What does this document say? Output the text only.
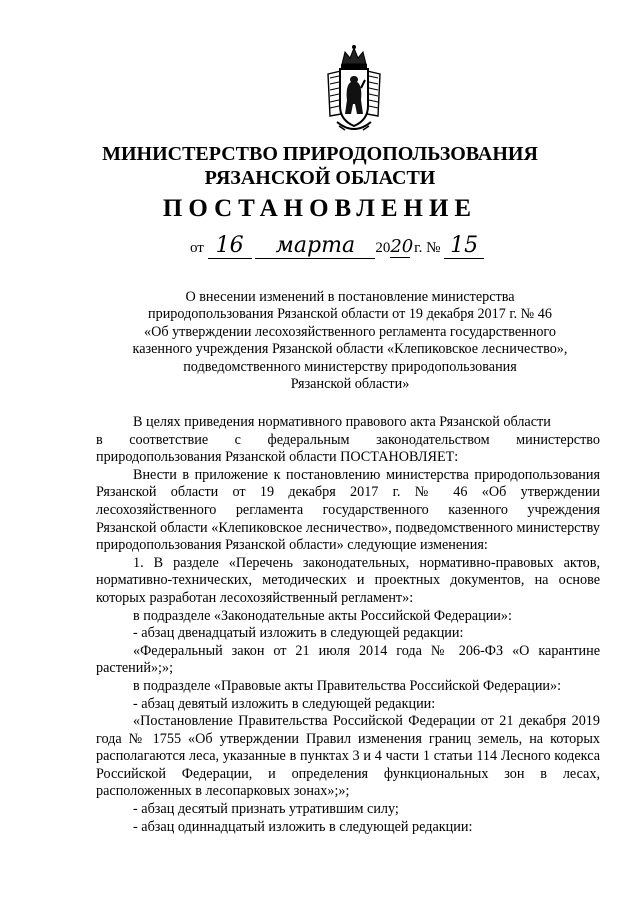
МИНИСТЕРСТВО ПРИРОДОПОЛЬЗОВАНИЯ
РЯЗАНСКОЙ ОБЛАСТИ
ПОСТАНОВЛЕНИЕ
от 16 марта 2020 г. № 15
О внесении изменений в постановление министерства
природопользования Рязанской области от 19 декабря 2017 г. № 46
«Об утверждении лесохозяйственного регламента государственного
казенного учреждения Рязанской области «Клепиковское лесничество»,
подведомственного министерству природопользования
Рязанской области»

В целях приведения нормативного правового акта Рязанской области

в соответствие с федеральным законодательством министерство

природопользования Рязанской области ПОСТАНОВЛЯЕТ:

Внести в приложение к постановлению министерства природопользования Рязанской области от 19 декабря 2017 г. № 46 «Об утверждении лесохозяйственного регламента государственного казенного учреждения Рязанской области «Клепиковское лесничество», подведомственного министерству природопользования Рязанской области» следующие изменения:

1. В разделе «Перечень законодательных, нормативно-правовых актов, нормативно-технических, методических и проектных документов, на основе которых разработан лесохозяйственный регламент»:

в подразделе «Законодательные акты Российской Федерации»:

- абзац двенадцатый изложить в следующей редакции:

«Федеральный закон от 21 июля 2014 года № 206-ФЗ «О карантине растений»;»;

в подразделе «Правовые акты Правительства Российской Федерации»:

- абзац девятый изложить в следующей редакции:

«Постановление Правительства Российской Федерации от 21 декабря 2019 года № 1755 «Об утверждении Правил изменения границ земель, на которых располагаются леса, указанные в пунктах 3 и 4 части 1 статьи 114 Лесного кодекса Российской Федерации, и определения функциональных зон в лесах, расположенных в лесопарковых зонах»;»;

- абзац десятый признать утратившим силу;

- абзац одиннадцатый изложить в следующей редакции:
